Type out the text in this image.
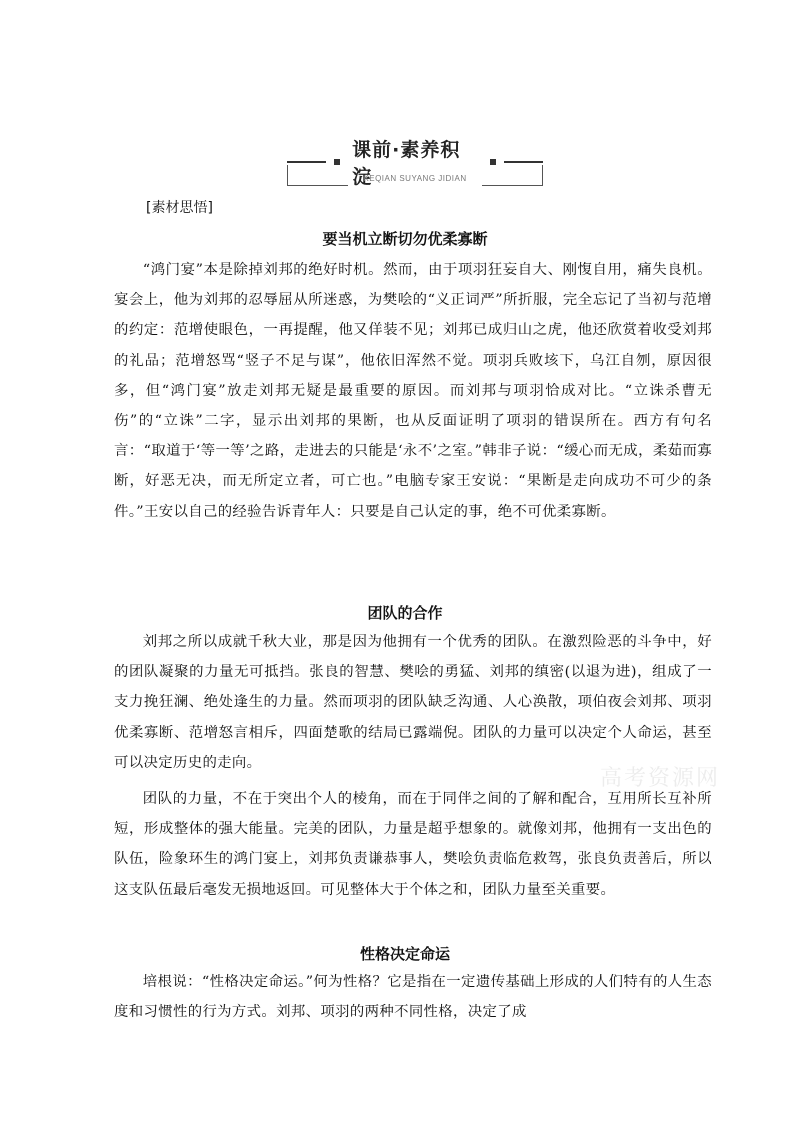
课前·素养积淀
KEQIAN SUYANG JIDIAN
[素材思悟]
要当机立断切勿优柔寡断

“鸿门宴”本是除掉刘邦的绝好时机。然而，由于项羽狂妄自大、刚愎自用，痛失良机。宴会上，他为刘邦的忍辱屈从所迷惑，为樊哙的“义正词严”所折服，完全忘记了当初与范增的约定：范增使眼色，一再提醒，他又佯装不见；刘邦已成归山之虎，他还欣赏着收受刘邦的礼品；范增怒骂“竖子不足与谋”，他依旧浑然不觉。项羽兵败垓下，乌江自刎，原因很多，但“鸿门宴”放走刘邦无疑是最重要的原因。而刘邦与项羽恰成对比。“立诛杀曹无伤”的“立诛”二字，显示出刘邦的果断，也从反面证明了项羽的错误所在。西方有句名言：“取道于‘等一等’之路，走进去的只能是‘永不’之室。”韩非子说：“缓心而无成，柔茹而寡断，好恶无决，而无所定立者，可亡也。”电脑专家王安说：“果断是走向成功不可少的条件。”王安以自己的经验告诉青年人：只要是自己认定的事，绝不可优柔寡断。

团队的合作

刘邦之所以成就千秋大业，那是因为他拥有一个优秀的团队。在激烈险恶的斗争中，好的团队凝聚的力量无可抵挡。张良的智慧、樊哙的勇猛、刘邦的缜密(以退为进)，组成了一支力挽狂澜、绝处逢生的力量。然而项羽的团队缺乏沟通、人心涣散，项伯夜会刘邦、项羽优柔寡断、范增怒言相斥，四面楚歌的结局已露端倪。团队的力量可以决定个人命运，甚至可以决定历史的走向。

团队的力量，不在于突出个人的棱角，而在于同伴之间的了解和配合，互用所长互补所短，形成整体的强大能量。完美的团队，力量是超乎想象的。就像刘邦，他拥有一支出色的队伍，险象环生的鸿门宴上，刘邦负责谦恭事人，樊哙负责临危救驾，张良负责善后，所以这支队伍最后毫发无损地返回。可见整体大于个体之和，团队力量至关重要。

性格决定命运

培根说：“性格决定命运。”何为性格？它是指在一定遗传基础上形成的人们特有的人生态度和习惯性的行为方式。刘邦、项羽的两种不同性格，决定了成

高考资源网
